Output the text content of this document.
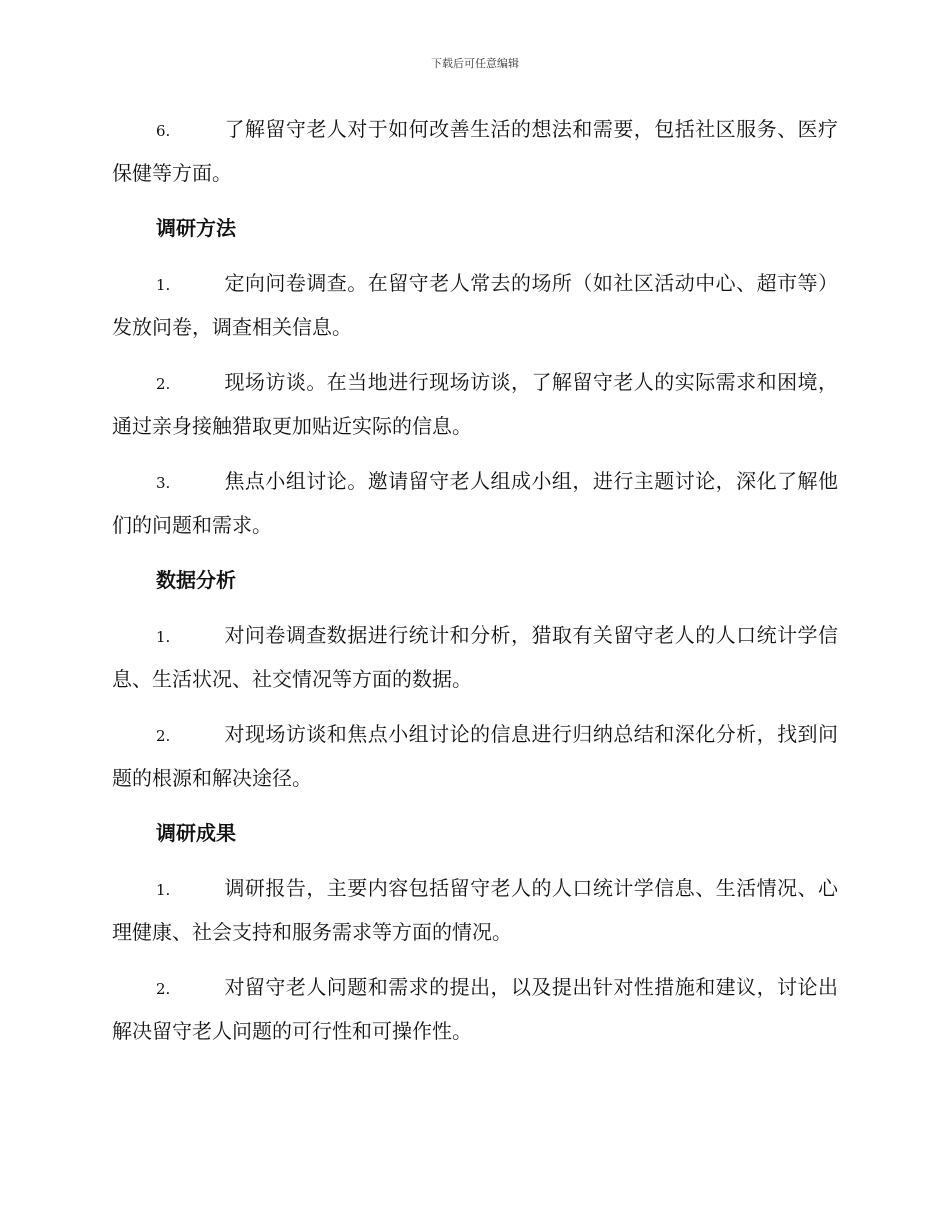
下载后可任意编辑

6.	了解留守老人对于如何改善生活的想法和需要，包括社区服务、医疗保健等方面。

调研方法

1.	定向问卷调查。在留守老人常去的场所（如社区活动中心、超市等）发放问卷，调查相关信息。

2.	现场访谈。在当地进行现场访谈，了解留守老人的实际需求和困境，通过亲身接触猎取更加贴近实际的信息。

3.	焦点小组讨论。邀请留守老人组成小组，进行主题讨论，深化了解他们的问题和需求。

数据分析

1.	对问卷调查数据进行统计和分析，猎取有关留守老人的人口统计学信息、生活状况、社交情况等方面的数据。

2.	对现场访谈和焦点小组讨论的信息进行归纳总结和深化分析，找到问题的根源和解决途径。

调研成果

1.	调研报告，主要内容包括留守老人的人口统计学信息、生活情况、心理健康、社会支持和服务需求等方面的情况。

2.	对留守老人问题和需求的提出，以及提出针对性措施和建议，讨论出解决留守老人问题的可行性和可操作性。
